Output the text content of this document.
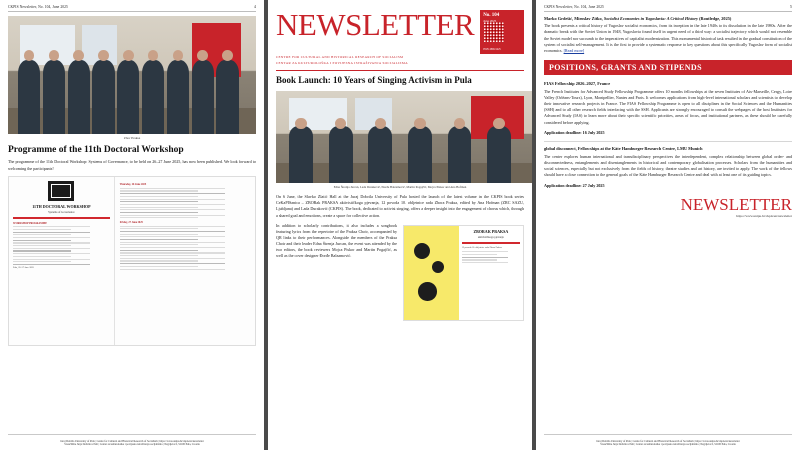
CKPIS Newsletter, No. 104, June 2025	4
Zbor Praksa
Programme of the 11th Doctoral Workshop

The programme of the 11th Doctoral Workshop: Systems of Governance, to be held on 26–27 June 2025, has now been published. We look forward to welcoming the participants!

11TH DOCTORAL WORKSHOP
Systems of Governance
WORKSHOP PROGRAMME
Pula, 26–27 June 2025
Thursday, 26 June 2025
Friday, 27 June 2025
Juraj Dobrila University of Pula | Centre for Cultural and Historical Research of Socialism | https://www.unipu.hr/ckpis/en/newsletter
Sveučilište Jurja Dobrile u Puli | Centar za kulturološka i povijesna istraživanja socijalizma | Negrijeva 6, 52100 Pula, Croatia
NEWSLETTER No. 104
ISSN 2806-5425
CENTRE FOR CULTURAL AND HISTORICAL RESEARCH OF SOCIALISM
CENTAR ZA KULTUROLOŠKA I POVIJESNA ISTRAŽIVANJA SOCIJALIZMA
Book Launch: 10 Years of Singing Activism in Pula
Edna Štrenja Jurcan, Lada Duraković, Đorđe Balzamović, Martin Pogajčić, Mojca Piskor and Ana Hofman

On 6 June, the Slavko Zlatić Hall at the Juraj Dobrila University of Pula hosted the launch of the latest volume in the CKPIS book series CeKaPISanica – ZBORak PRAKSA aktivističkoga pjevanja, 12 povoda 10. obljetnice rada Zbora Praksa, edited by Ana Hofman (ZRC SAZU, Ljubljana) and Lada Duraković (CKPIS). The book, dedicated to activist singing, offers a deeper insight into the engagement of chorus which, through a shared goal and emotions, create a space for collective action.

In addition to scholarly contributions, it also includes a songbook featuring lyrics from the repertoire of the Praksa Choir, accompanied by QR links to their performances. Alongside the members of the Praksa Choir and their leader Edna Štrenja Jurcan, the event was attended by the two editors, the book reviewers Mojca Piskor and Martin Pogajčić, as well as the cover designer Đorđe Balzamović.

ZBORAK PRAKSA
aktivističkoga pjevanja
12 povoda 10. obljetnice rada Zbora Praksa
CKPIS Newsletter, No. 104, June 2025	5
Marko Grdešić, Miroslav Zitko, Socialist Economies in Yugoslavia: A Critical History (Routledge, 2025)

The book presents a critical history of Yugoslav socialist economics, from its inception in the late 1940s to its dissolution in the late 1980s. After the dramatic break with the Soviet Union in 1948, Yugoslavia found itself in urgent need of a third way: a socialist trajectory which would not resemble the Soviet model nor succumb to the imperatives of capitalist modernization. This monumental historical task resulted in the gradual constitution of the system of socialist self-management. It is the first to provide a systematic response to key questions about this specifically Yugoslav form of socialist economics. [Read more]

POSITIONS, GRANTS AND STIPENDS
FIAS Fellowship 2026–2027, France

The French Institutes for Advanced Study Fellowship Programme offers 10 months fellowships at the seven Institutes of Aix-Marseille, Cergy, Loire Valley (Orléans-Tours), Lyon, Montpellier, Nantes and Paris. It welcomes applications from high-level international scholars and scientists to develop their innovative research projects in France. The FIAS Fellowship Programme is open to all disciplines in the Social Sciences and the Humanities (SSH) and to all other research fields interfacing with the SSH. Applicants are strongly encouraged to consult the webpages of the host Institutes for Advanced Study (IAS) to learn more about their specific scientific priorities, areas of focus, and institutional partners, as these should be carefully considered before applying.

Application deadline: 16 July 2025
global disconnect, Fellowships at the Käte Hamburger Research Centre, LMU Munich

The center explores human international and transdisciplinary perspectives the interdependent, complex relationship between global order- and disconnectedness, entanglements and disentanglements in historical and contemporary globalisation processes. Scholars from the humanities and social sciences, especially but not exclusively from the fields of history, theatre studies and art history, are invited to apply. The work of the fellows should have a close connection to the general goals of the Käte Hamburger Research Centre and deal with at least one of its guiding topics.

Application deadline: 27 July 2025
NEWSLETTER
https://www.unipu.hr/ckpis/en/newsletter
Juraj Dobrila University of Pula | Centre for Cultural and Historical Research of Socialism | https://www.unipu.hr/ckpis/en/newsletter
Sveučilište Jurja Dobrile u Puli | Centar za kulturološka i povijesna istraživanja socijalizma | Negrijeva 6, 52100 Pula, Croatia
